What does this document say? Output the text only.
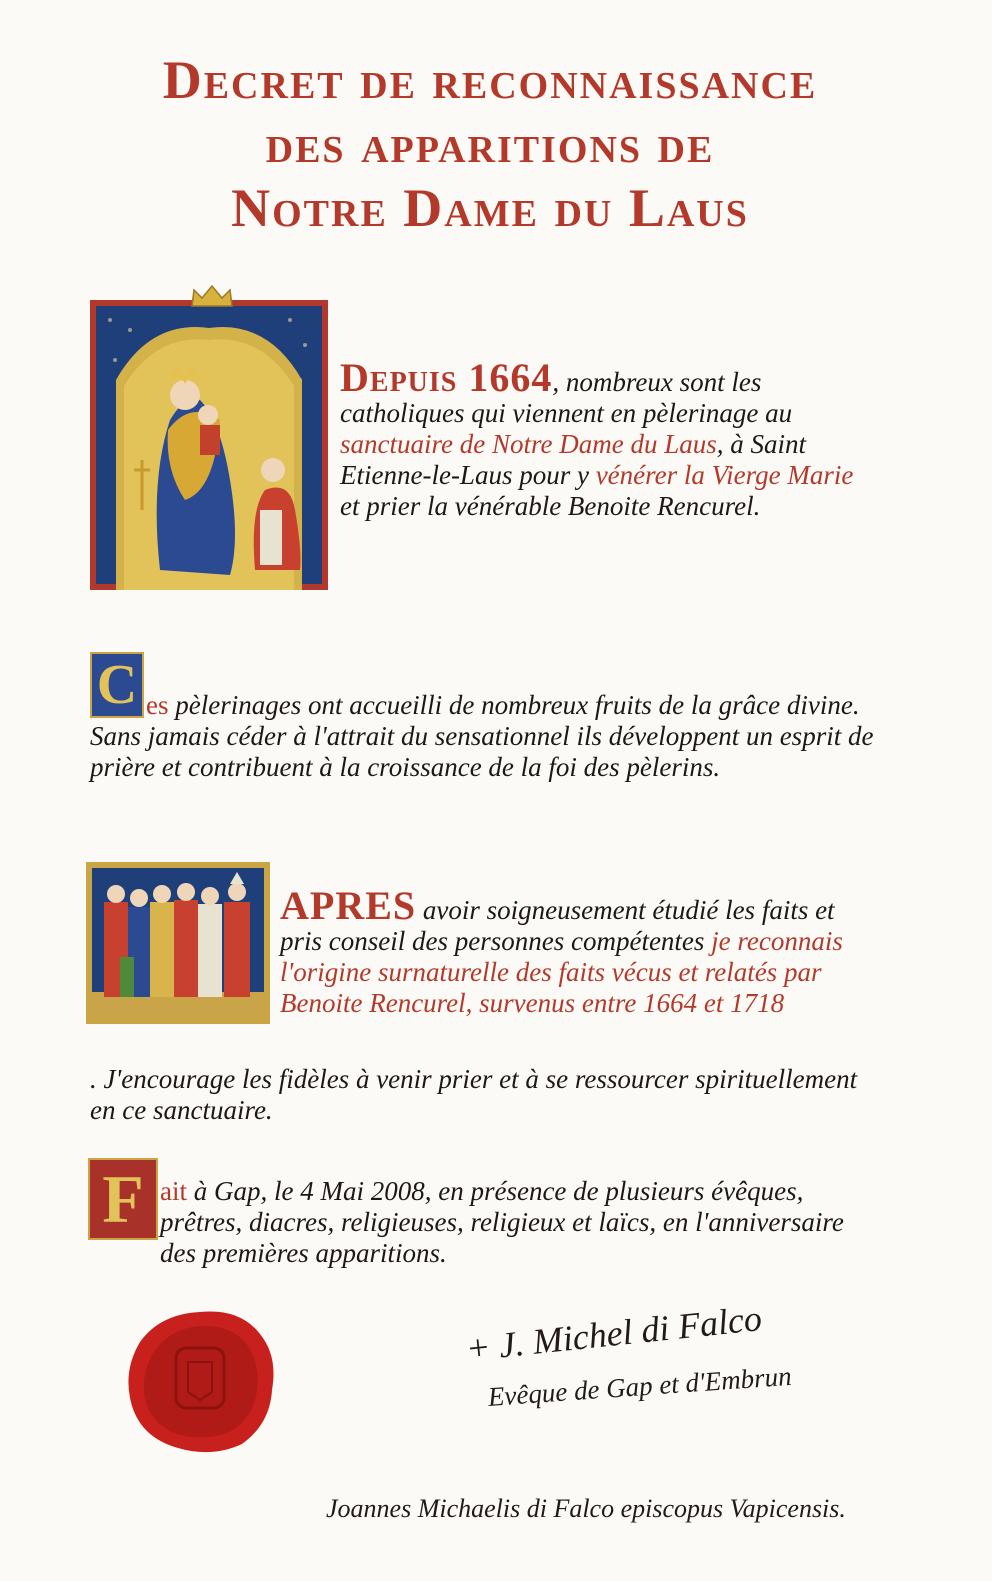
Decret de reconnaissance
des apparitions de
Notre Dame du Laus
Depuis 1664, nombreux sont les catholiques qui viennent en pèlerinage au sanctuaire de Notre Dame du Laus, à Saint Etienne-le-Laus pour y vénérer la Vierge Marie et prier la vénérable Benoite Rencurel.
C es pèlerinages ont accueilli de nombreux fruits de la grâce divine. Sans jamais céder à l'attrait du sensationnel ils développent un esprit de prière et contribuent à la croissance de la foi des pèlerins.
APRES avoir soigneusement étudié les faits et pris conseil des personnes compétentes je reconnais l'origine surnaturelle des faits vécus et relatés par Benoite Rencurel, survenus entre 1664 et 1718
. J'encourage les fidèles à venir prier et à se ressourcer spirituellement en ce sanctuaire.
F ait à Gap, le 4 Mai 2008, en présence de plusieurs évêques, prêtres, diacres, religieuses, religieux et laïcs, en l'anniversaire des premières apparitions.
+ J. Michel di Falco
Evêque de Gap et d'Embrun
Joannes Michaelis di Falco episcopus Vapicensis.
